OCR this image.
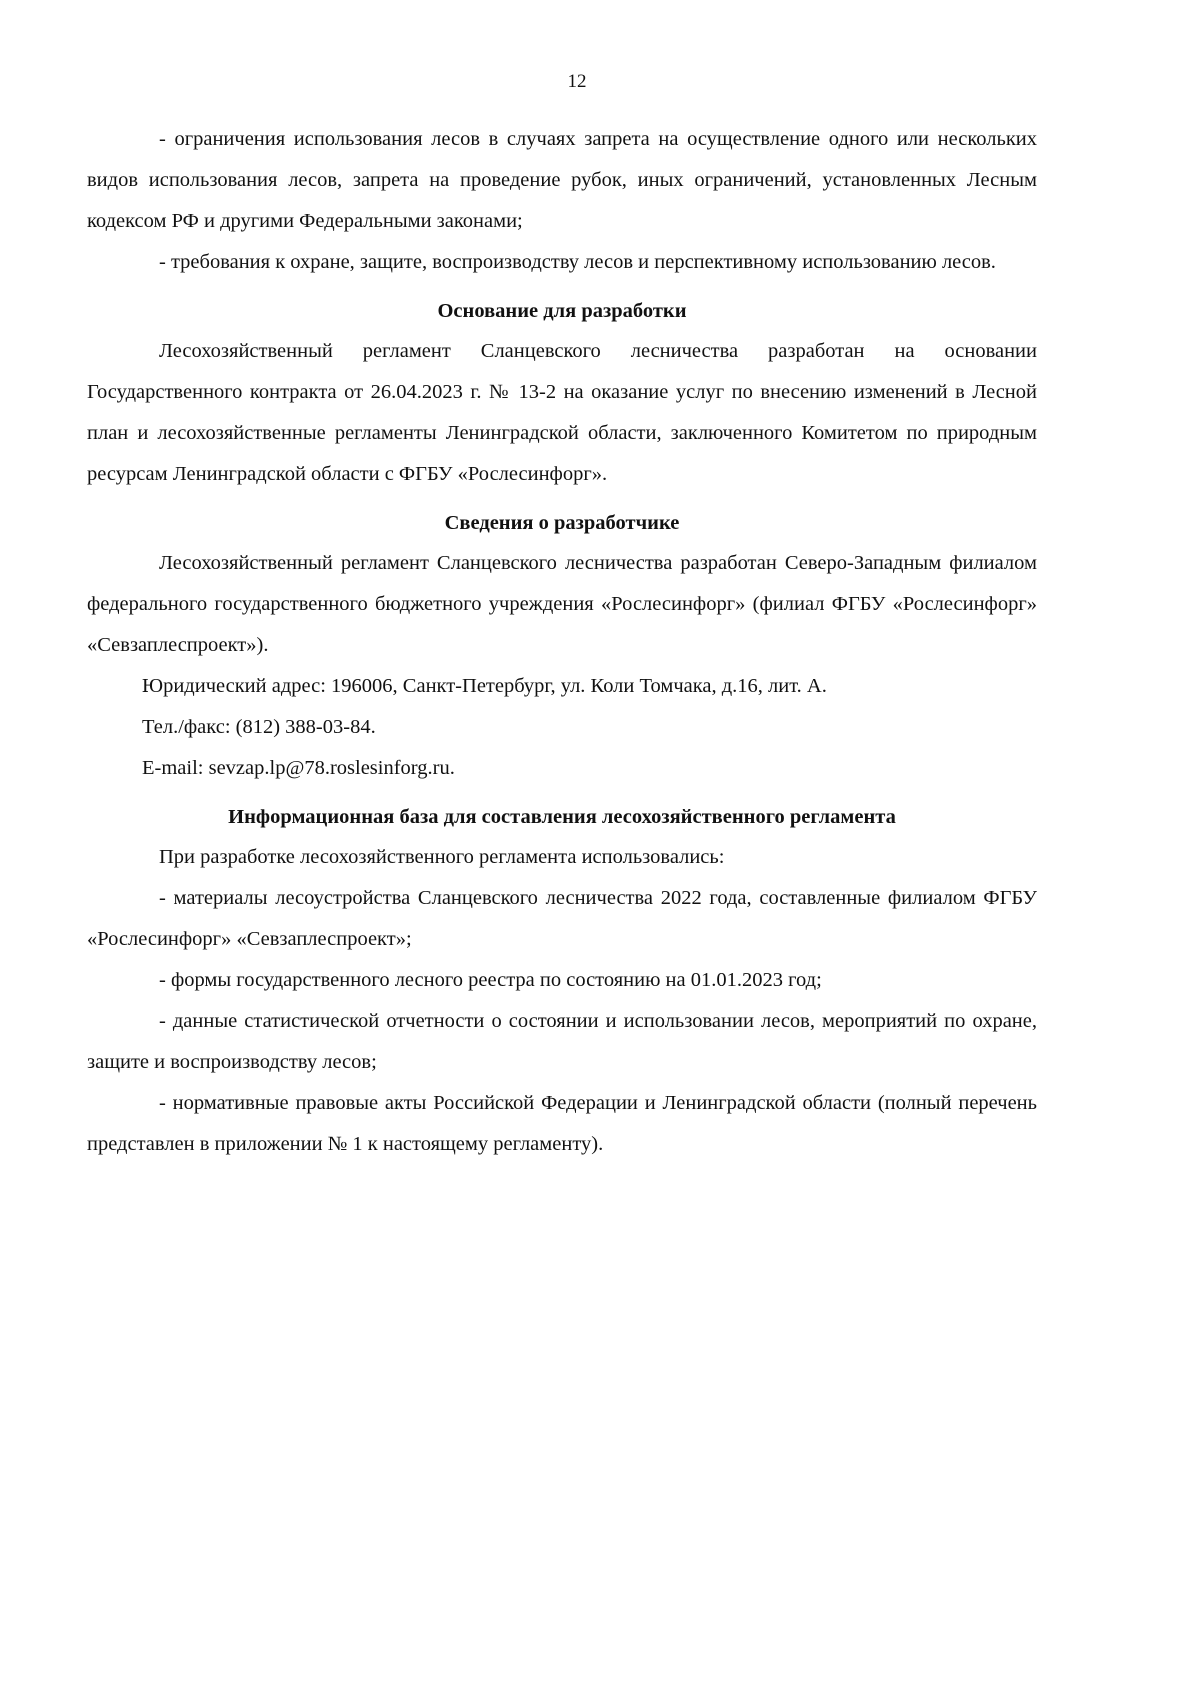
12

- ограничения использования лесов в случаях запрета на осуществление одного или нескольких видов использования лесов, запрета на проведение рубок, иных ограничений, установленных Лесным кодексом РФ и другими Федеральными законами;

- требования к охране, защите, воспроизводству лесов и перспективному использованию лесов.

Основание для разработки

Лесохозяйственный регламент Сланцевского лесничества разработан на основании Государственного контракта от 26.04.2023 г. № 13-2 на оказание услуг по внесению изменений в Лесной план и лесохозяйственные регламенты Ленинградской области, заключенного Комитетом по природным ресурсам Ленинградской области с ФГБУ «Рослесинфорг».

Сведения о разработчике

Лесохозяйственный регламент Сланцевского лесничества разработан Северо-Западным филиалом федерального государственного бюджетного учреждения «Рослесинфорг» (филиал ФГБУ «Рослесинфорг» «Севзаплеспроект»).

Юридический адрес: 196006, Санкт-Петербург, ул. Коли Томчака, д.16, лит. А.

Тел./факс: (812) 388-03-84.

E-mail: sevzap.lp@78.roslesinforg.ru.

Информационная база для составления лесохозяйственного регламента

При разработке лесохозяйственного регламента использовались:

- материалы лесоустройства Сланцевского лесничества 2022 года, составленные филиалом ФГБУ «Рослесинфорг» «Севзаплеспроект»;

- формы государственного лесного реестра по состоянию на 01.01.2023 год;

- данные статистической отчетности о состоянии и использовании лесов, мероприятий по охране, защите и воспроизводству лесов;

- нормативные правовые акты Российской Федерации и Ленинградской области (полный перечень представлен в приложении № 1 к настоящему регламенту).
